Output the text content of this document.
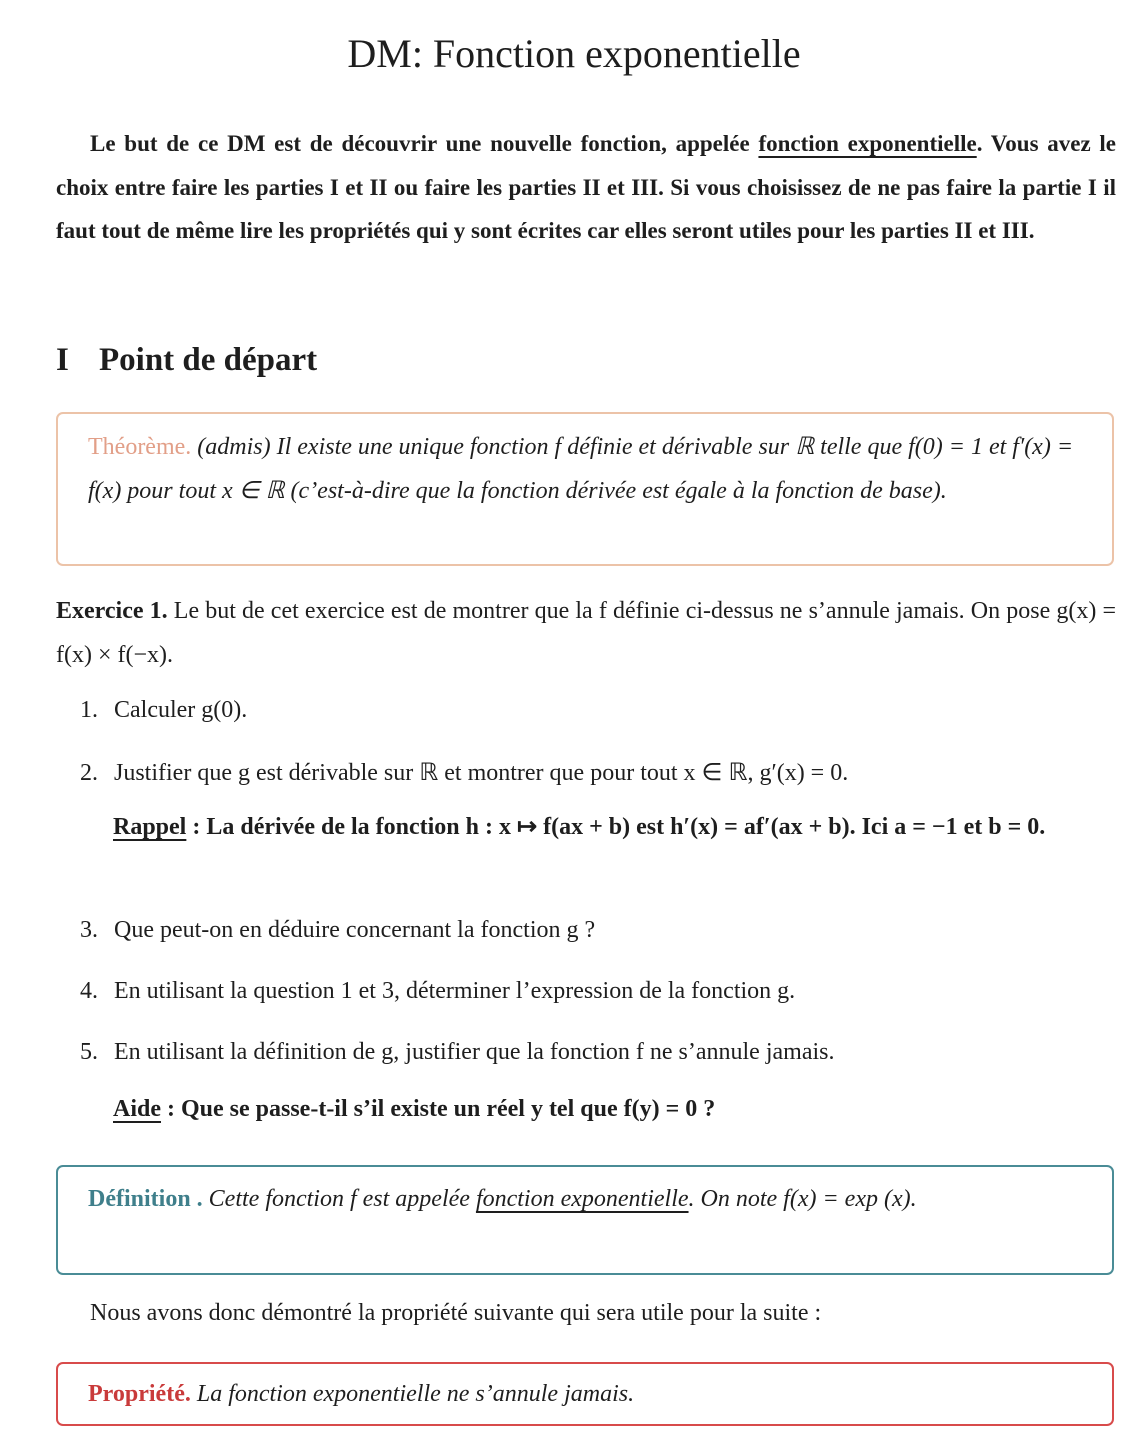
DM: Fonction exponentielle
Le but de ce DM est de découvrir une nouvelle fonction, appelée fonction exponentielle. Vous avez le choix entre faire les parties I et II ou faire les parties II et III. Si vous choisissez de ne pas faire la partie I il faut tout de même lire les propriétés qui y sont écrites car elles seront utiles pour les parties II et III.
I Point de départ
Théorème. (admis) Il existe une unique fonction f définie et dérivable sur ℝ telle que f(0) = 1 et f′(x) = f(x) pour tout x ∈ ℝ (c’est-à-dire que la fonction dérivée est égale à la fonction de base).
Exercice 1. Le but de cet exercice est de montrer que la f définie ci-dessus ne s’annule jamais. On pose g(x) = f(x) × f(−x).
1. Calculer g(0).
2. Justifier que g est dérivable sur ℝ et montrer que pour tout x ∈ ℝ, g′(x) = 0.
Rappel : La dérivée de la fonction h : x ↦ f(ax + b) est h′(x) = af′(ax + b). Ici a = −1 et b = 0.
3. Que peut-on en déduire concernant la fonction g ?
4. En utilisant la question 1 et 3, déterminer l’expression de la fonction g.
5. En utilisant la définition de g, justifier que la fonction f ne s’annule jamais.
Aide : Que se passe-t-il s’il existe un réel y tel que f(y) = 0 ?
Définition . Cette fonction f est appelée fonction exponentielle. On note f(x) = exp (x).
Nous avons donc démontré la propriété suivante qui sera utile pour la suite :
Propriété. La fonction exponentielle ne s’annule jamais.
